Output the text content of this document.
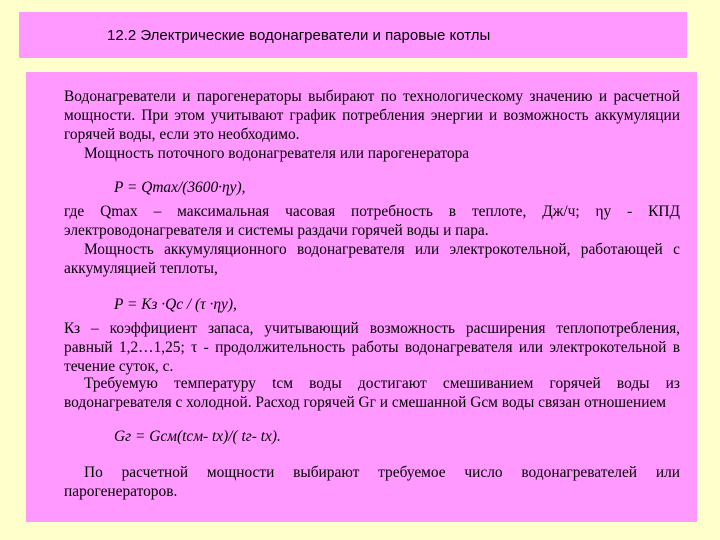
12.2 Электрические водонагреватели и паровые котлы

Водонагреватели и парогенераторы выбирают по технологическому значению и расчетной мощности. При этом учитывают график потребления энергии и возможность аккумуляции горячей воды, если это необходимо.

Мощность поточного водонагревателя или парогенератора

P = Qmax/(3600·ηу),

где Qmax – максимальная часовая потребность в теплоте, Дж/ч; ηу - КПД электроводонагревателя и системы раздачи горячей воды и пара.

Мощность аккумуляционного водонагревателя или электрокотельной, работающей с аккумуляцией теплоты,

P = Кз ·Qс / (τ ·ηу),

Кз – коэффициент запаса, учитывающий возможность расширения теплопотребления, равный 1,2…1,25; τ - продолжительность работы водонагревателя или электрокотельной в течение суток, с.

Требуемую температуру tсм воды достигают смешиванием горячей воды из водонагревателя с холодной. Расход горячей Gг и смешанной Gсм воды связан отношением

Gг = Gсм(tсм- tх)/( tг- tх).

По расчетной мощности выбирают требуемое число водонагревателей или парогенераторов.
